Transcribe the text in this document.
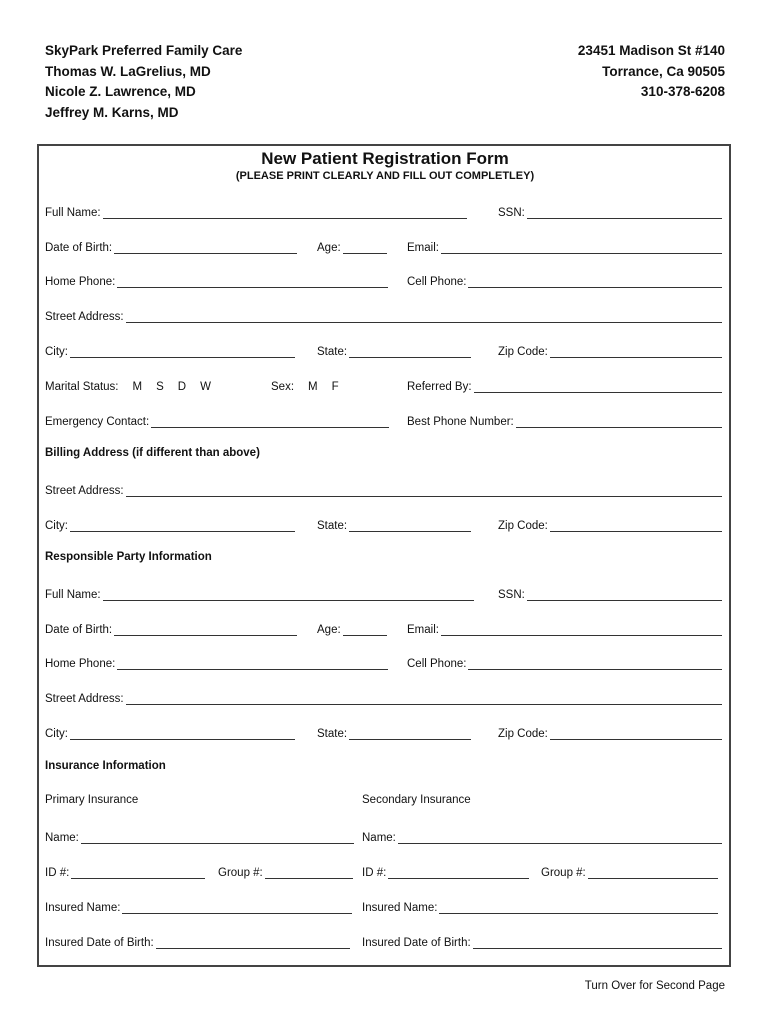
SkyPark Preferred Family Care
Thomas W. LaGrelius, MD
Nicole Z. Lawrence, MD
Jeffrey M. Karns, MD
23451 Madison St #140
Torrance, Ca 90505
310-378-6208
New Patient Registration Form
(PLEASE PRINT CLEARLY AND FILL OUT COMPLETLEY)
Full Name:	SSN:
Date of Birth:	Age:	Email:
Home Phone:	Cell Phone:
Street Address:
City:	State:	Zip Code:
Marital Status: M S D W	Sex: M F	Referred By:
Emergency Contact:	Best Phone Number:
Billing Address (if different than above)
Street Address:
City:	State:	Zip Code:
Responsible Party Information
Full Name:	SSN:
Date of Birth:	Age:	Email:
Home Phone:	Cell Phone:
Street Address:
City:	State:	Zip Code:
Insurance Information
Primary Insurance	Secondary Insurance
Name:	Name:
ID #:	Group #:	ID #:	Group #:
Insured Name:	Insured Name:
Insured Date of Birth:	Insured Date of Birth:
Turn Over for Second Page
